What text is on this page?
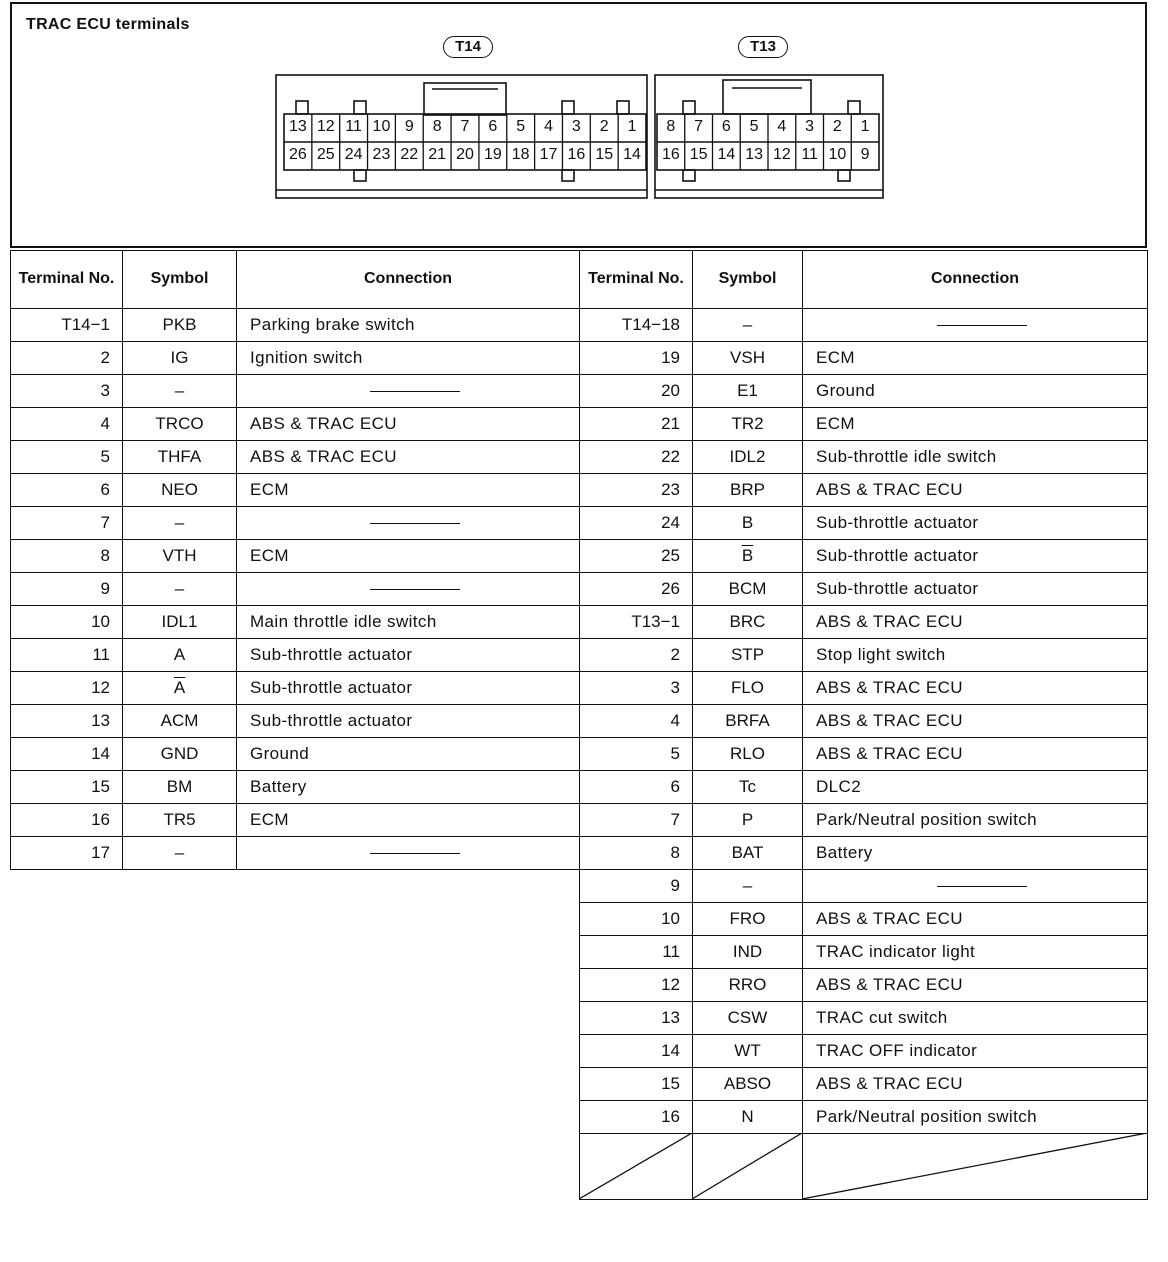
TRAC ECU terminals
T14	T13
13 12 11 10 9	8	7	6	5	4	3	2	1
26 25 24 23 22 21 20 19 18 17 16 15 14
8	7	6	5	4	3	2	1
16 15 14 13 12 11 10 9
Terminal No.	Symbol	Connection
T14−1	PKB	Parking brake switch
2	IG	Ignition switch
3	–	
4	TRCO	ABS & TRAC ECU
5	THFA	ABS & TRAC ECU
6	NEO	ECM
7	–	
8	VTH	ECM
9	–	
10	IDL1	Main throttle idle switch
11	A	Sub-throttle actuator
12	$\overline{A}$	Sub-throttle actuator
13	ACM	Sub-throttle actuator
14	GND	Ground
15	BM	Battery
16	TR5	ECM
17	–	
Terminal No.	Symbol	Connection
T14−18	–	
19	VSH	ECM
20	E1	Ground
21	TR2	ECM
22	IDL2	Sub-throttle idle switch
23	BRP	ABS & TRAC ECU
24	B	Sub-throttle actuator
25	$\overline{B}$	Sub-throttle actuator
26	BCM	Sub-throttle actuator
T13−1	BRC	ABS & TRAC ECU
2	STP	Stop light switch
3	FLO	ABS & TRAC ECU
4	BRFA	ABS & TRAC ECU
5	RLO	ABS & TRAC ECU
6	Tc	DLC2
7	P	Park/Neutral position switch
8	BAT	Battery
9	–	
10	FRO	ABS & TRAC ECU
11	IND	TRAC indicator light
12	RRO	ABS & TRAC ECU
13	CSW	TRAC cut switch
14	WT	TRAC OFF indicator
15	ABSO	ABS & TRAC ECU
16	N	Park/Neutral position switch
